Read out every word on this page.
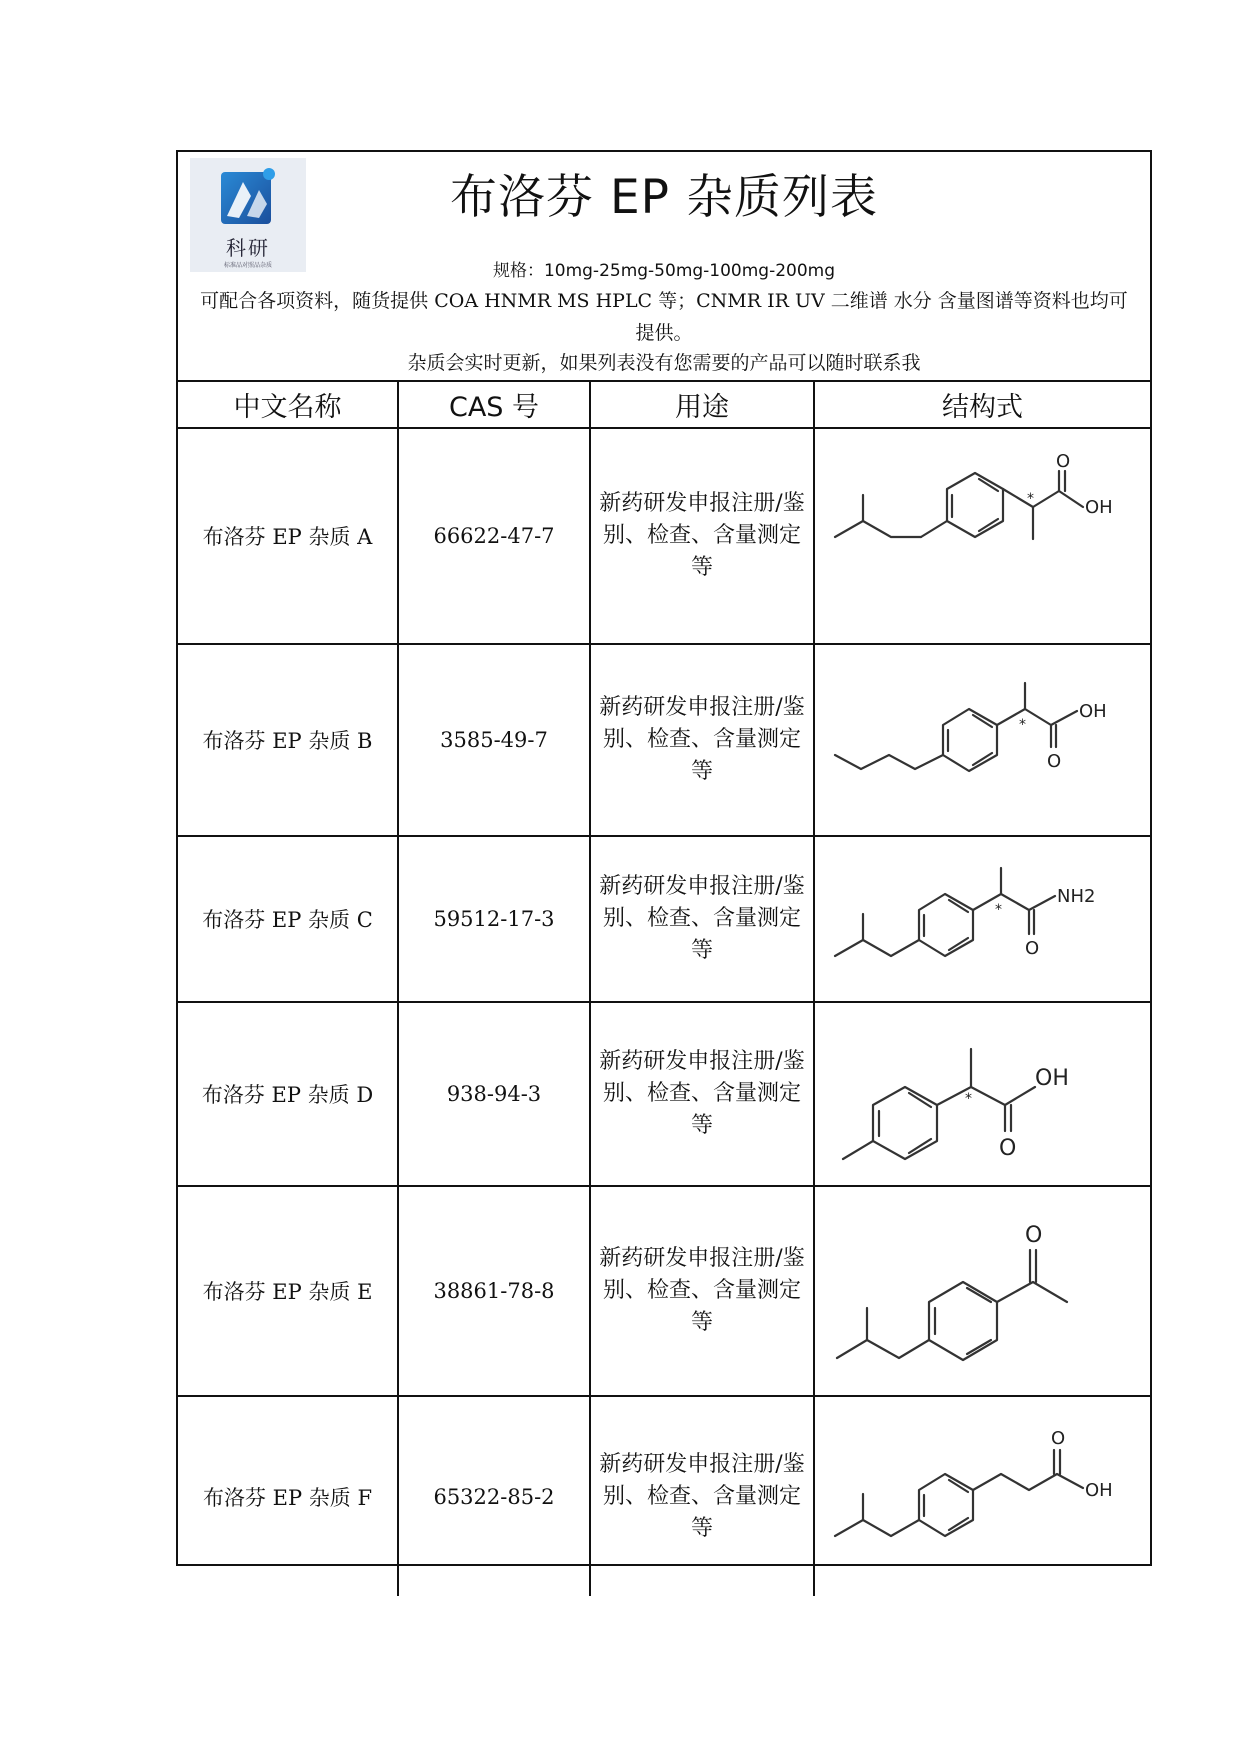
科研
标准品对照品杂质
布洛芬 EP 杂质列表
规格：10mg-25mg-50mg-100mg-200mg
可配合各项资料，随货提供 COA HNMR MS HPLC 等；CNMR IR UV 二维谱 水分 含量图谱等资料也均可提供。
杂质会实时更新，如果列表没有您需要的产品可以随时联系我
中文名称	CAS 号	用途	结构式
布洛芬 EP 杂质 A	66622-47-7	新药研发申报注册/鉴别、检查、含量测定等	O
OH
*

布洛芬 EP 杂质 B	3585-49-7	新药研发申报注册/鉴别、检查、含量测定等	O
OH
*

布洛芬 EP 杂质 C	59512-17-3	新药研发申报注册/鉴别、检查、含量测定等	O
NH2
*

布洛芬 EP 杂质 D	938-94-3	新药研发申报注册/鉴别、检查、含量测定等	O
OH
*

布洛芬 EP 杂质 E	38861-78-8	新药研发申报注册/鉴别、检查、含量测定等	O

布洛芬 EP 杂质 F	65322-85-2	新药研发申报注册/鉴别、检查、含量测定等	O
OH
